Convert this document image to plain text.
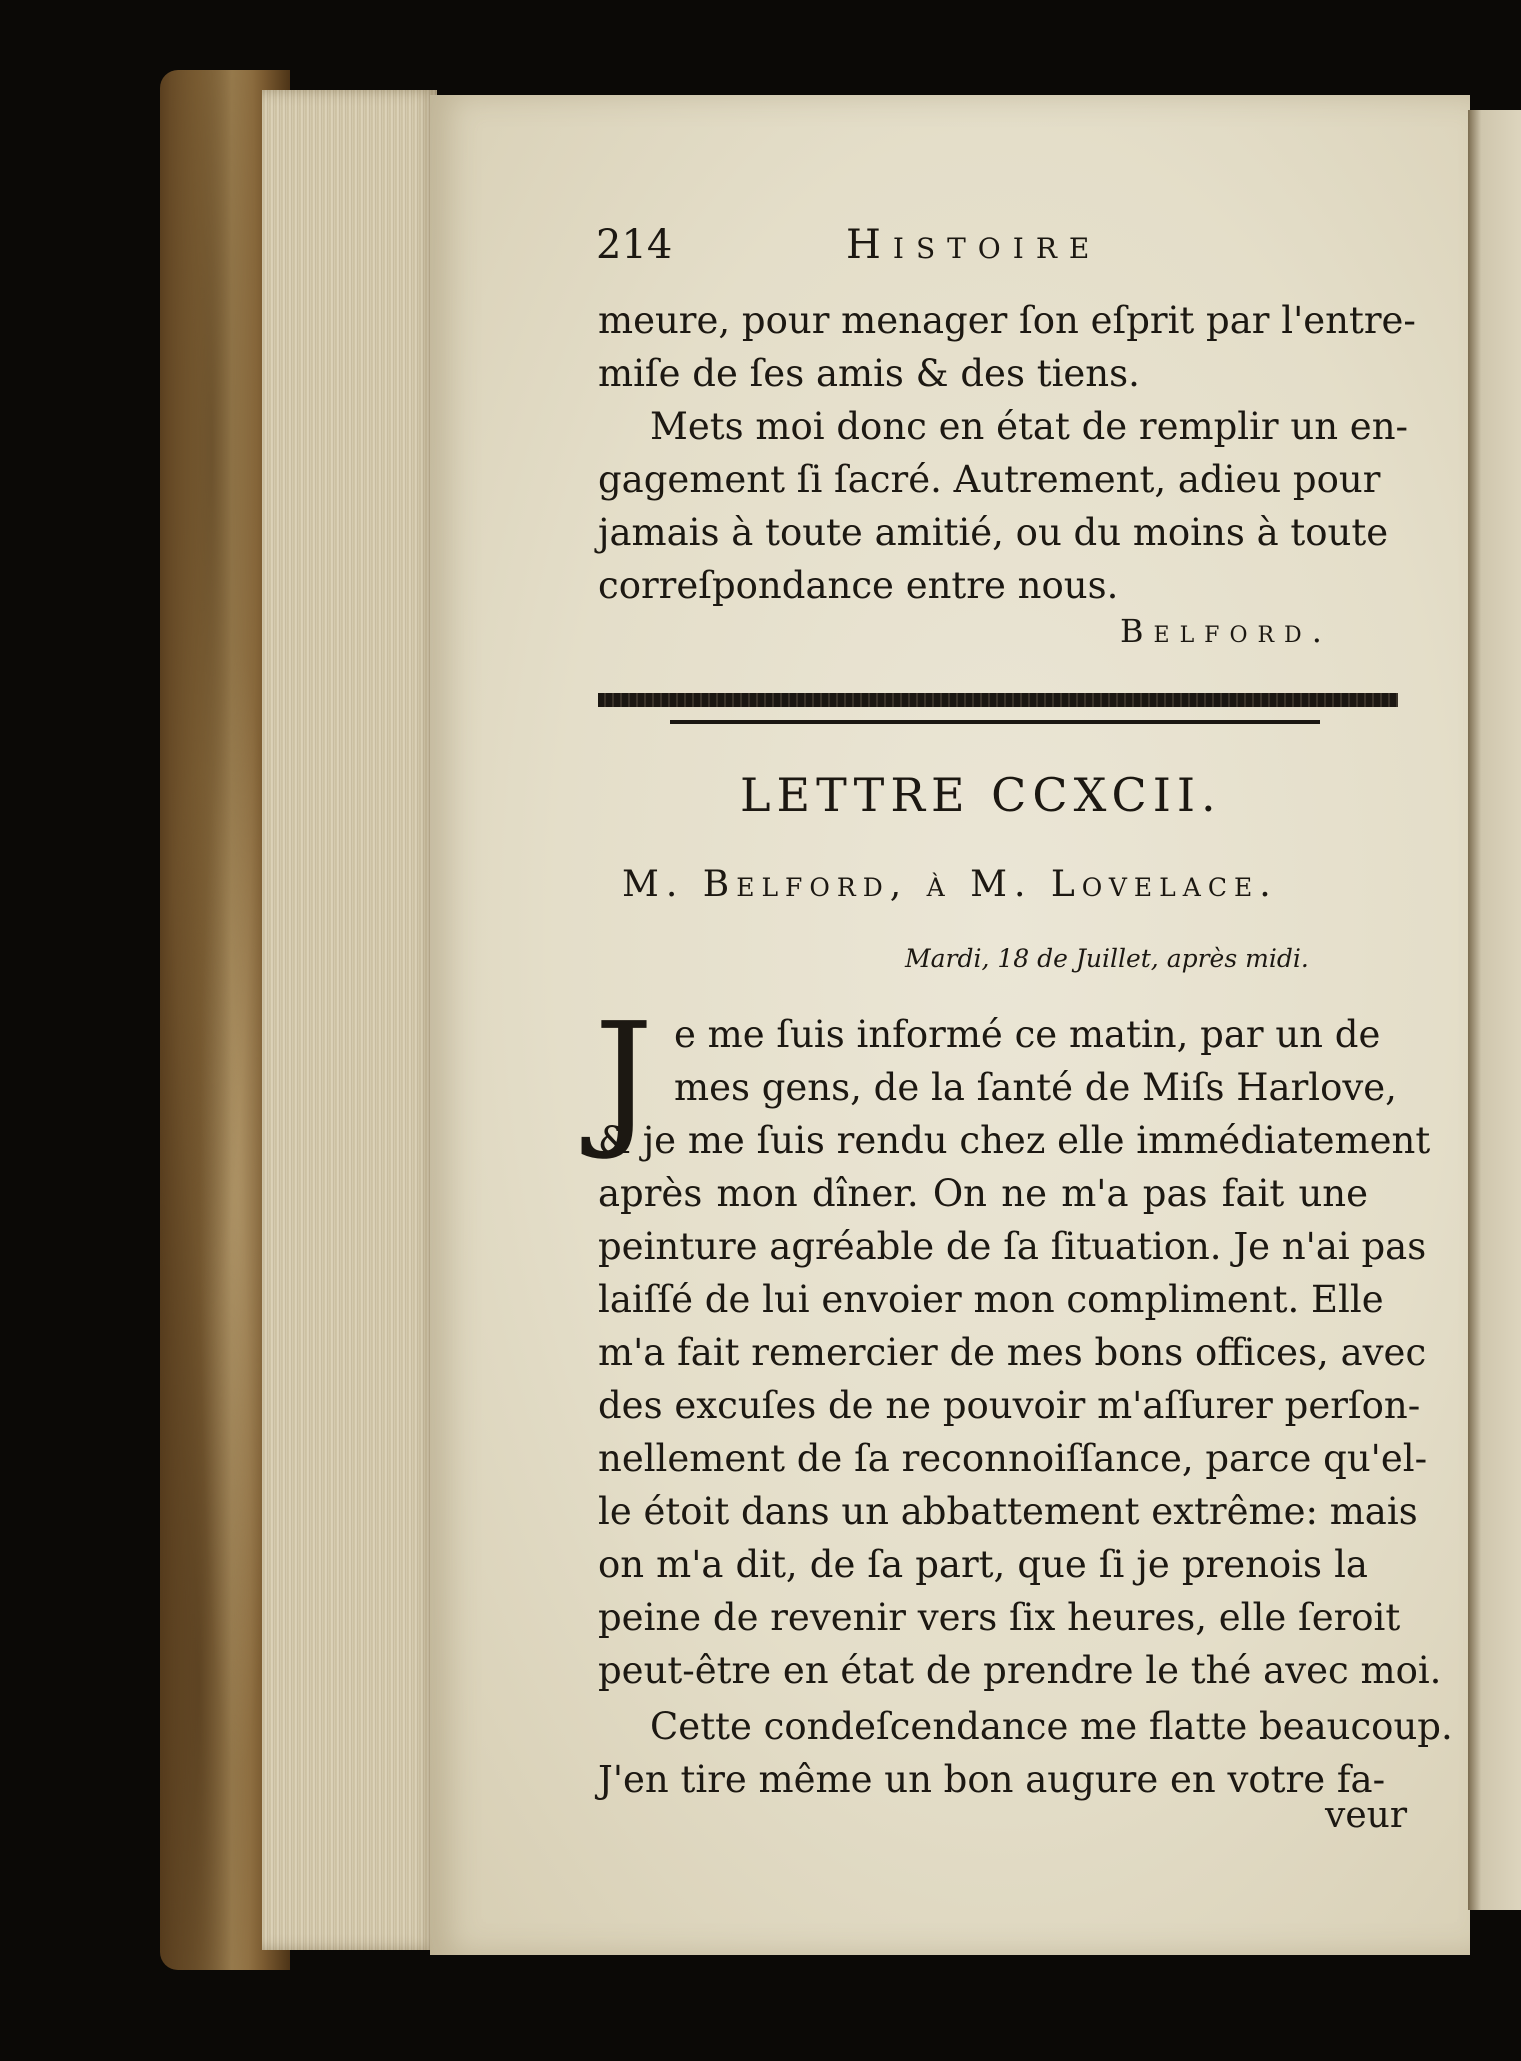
214	Histoire
meure, pour menager ſon eſprit par l'entre-
miſe de ſes amis & des tiens.
Mets moi donc en état de remplir un en-
gagement ſi ſacré. Autrement, adieu pour
jamais à toute amitié, ou du moins à toute
correſpondance entre nous.
Belford.
LETTRE CCXCII.
M. Belford, à M. Lovelace.
Mardi, 18 de Juillet, après midi.
J e me ſuis informé ce matin, par un de
mes gens, de la ſanté de Miſs Harlove,
& je me ſuis rendu chez elle immédiatement
après mon dîner. On ne m'a pas fait une
peinture agréable de ſa ſituation. Je n'ai pas
laiſſé de lui envoier mon compliment. Elle
m'a fait remercier de mes bons offices, avec
des excuſes de ne pouvoir m'aſſurer perſon-
nellement de ſa reconnoiſſance, parce qu'el-
le étoit dans un abbattement extrême: mais
on m'a dit, de ſa part, que ſi je prenois la
peine de revenir vers ſix heures, elle ſeroit
peut-être en état de prendre le thé avec moi.
Cette condeſcendance me flatte beaucoup.
J'en tire même un bon augure en votre fa-
veur
